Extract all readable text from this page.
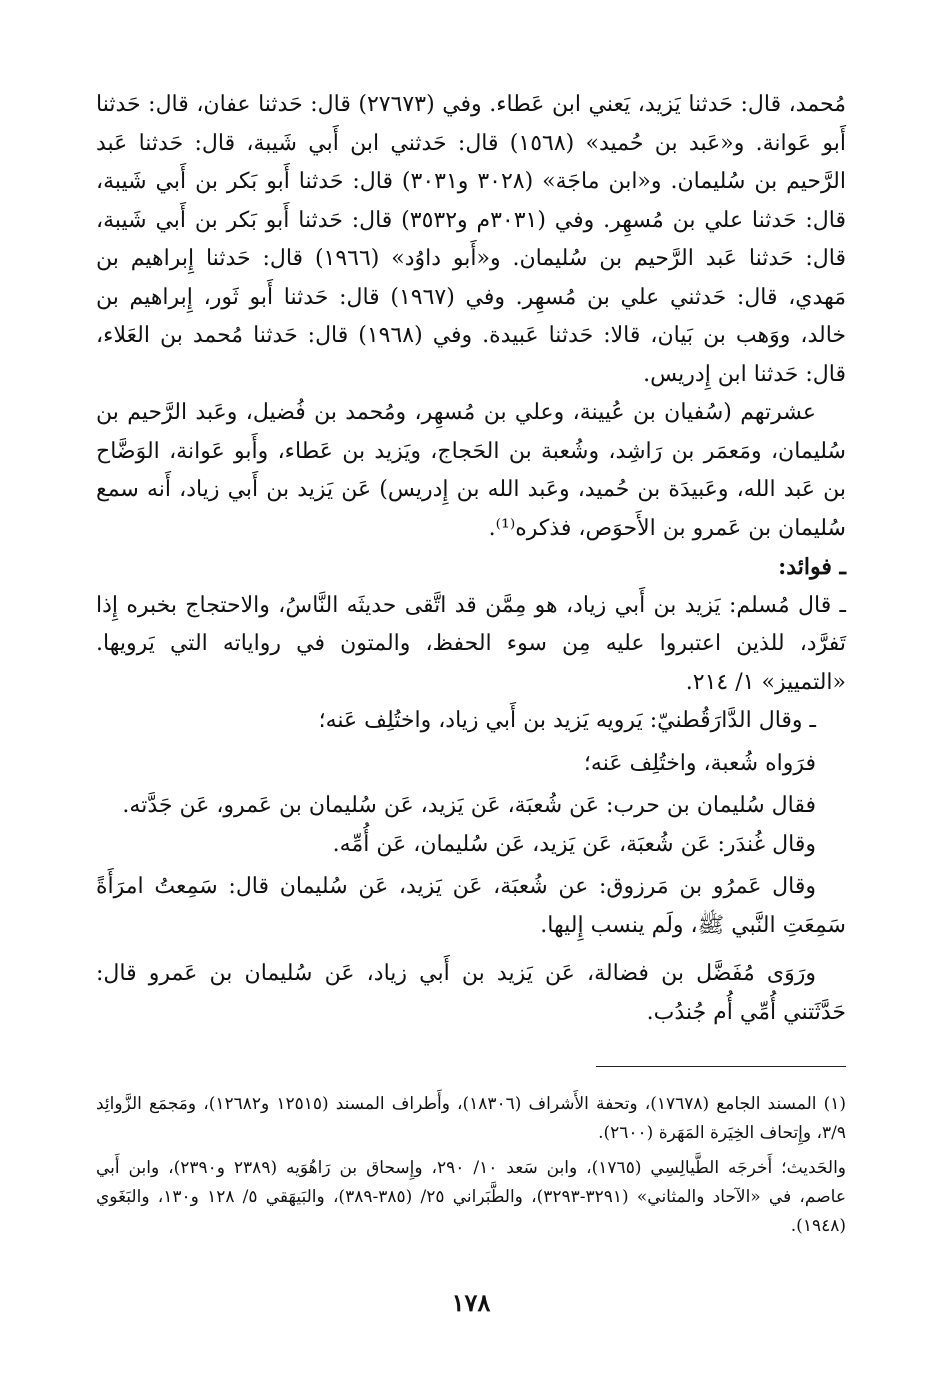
مُحمد، قال: حَدثنا يَزيد، يَعني ابن عَطاء. وفي (٢٧٦٧٣) قال: حَدثنا عفان، قال: حَدثنا أَبو عَوانة. و«عَبد بن حُميد» (١٥٦٨) قال: حَدثني ابن أَبي شَيبة، قال: حَدثنا عَبد الرَّحيم بن سُليمان. و«ابن ماجَة» (٣٠٢٨ و٣٠٣١) قال: حَدثنا أَبو بَكر بن أَبي شَيبة، قال: حَدثنا علي بن مُسهِر. وفي (٣٠٣١م و٣٥٣٢) قال: حَدثنا أَبو بَكر بن أَبي شَيبة، قال: حَدثنا عَبد الرَّحيم بن سُليمان. و«أَبو داوُد» (١٩٦٦) قال: حَدثنا إِبراهيم بن مَهدي، قال: حَدثني علي بن مُسهِر. وفي (١٩٦٧) قال: حَدثنا أَبو ثَور، إِبراهيم بن خالد، ووَهب بن بَيان، قالا: حَدثنا عَبيدة. وفي (١٩٦٨) قال: حَدثنا مُحمد بن العَلاء، قال: حَدثنا ابن إِدريس.

عشرتهم (سُفيان بن عُيينة، وعلي بن مُسهِر، ومُحمد بن فُضيل، وعَبد الرَّحيم بن سُليمان، ومَعمَر بن رَاشِد، وشُعبة بن الحَجاج، ويَزيد بن عَطاء، وأَبو عَوانة، الوَضَّاح بن عَبد الله، وعَبيدَة بن حُميد، وعَبد الله بن إِدريس) عَن يَزيد بن أَبي زياد، أَنه سمع سُليمان بن عَمرو بن الأَحوَص، فذكره⁽¹⁾.

ـ فوائد:

ـ قال مُسلم: يَزيد بن أَبي زياد، هو مِمَّن قد اتَّقى حديثَه النَّاسُ، والاحتجاج بخبره إِذا تَفرَّد، للذين اعتبروا عليه مِن سوء الحفظ، والمتون في رواياته التي يَرويها. «التمييز» ١/ ٢١٤.

ـ وقال الدَّارَقُطنيّ: يَرويه يَزيد بن أَبي زياد، واختُلِف عَنه؛

فرَواه شُعبة، واختُلِف عَنه؛

فقال سُليمان بن حرب: عَن شُعبَة، عَن يَزيد، عَن سُليمان بن عَمرو، عَن جَدَّته.

وقال غُندَر: عَن شُعبَة، عَن يَزيد، عَن سُليمان، عَن أُمِّه.

وقال عَمرُو بن مَرزوق: عن شُعبَة، عَن يَزيد، عَن سُليمان قال: سَمِعتُ امرَأَةً سَمِعَتِ النَّبي ﷺ، ولَم ينسب إِليها.

ورَوَى مُفَضَّل بن فضالة، عَن يَزيد بن أَبي زياد، عَن سُليمان بن عَمرو قال: حَدَّثَتني أُمِّي أُم جُندُب.

(١) المسند الجامع (١٧٦٧٨)، وتحفة الأَشراف (١٨٣٠٦)، وأَطراف المسند (١٢٥١٥ و١٢٦٨٢)، ومَجمَع الزَّوائِد ٣/٩، وإِتحاف الخِيَرة المَهَرة (٢٦٠٠).

والحَديث؛ أَخرجَه الطَّيالِسِي (١٧٦٥)، وابن سَعد ١٠/ ٢٩٠، وإِسحاق بن رَاهُوَيه (٢٣٨٩ و٢٣٩٠)، وابن أَبي عاصم، في «الآحاد والمثاني» (٣٢٩١-٣٢٩٣)، والطَّبَراني ٢٥/ (٣٨٥-٣٨٩)، والبَيهَقي ٥/ ١٢٨ و١٣٠، والبَغَوي (١٩٤٨).

١٧٨
